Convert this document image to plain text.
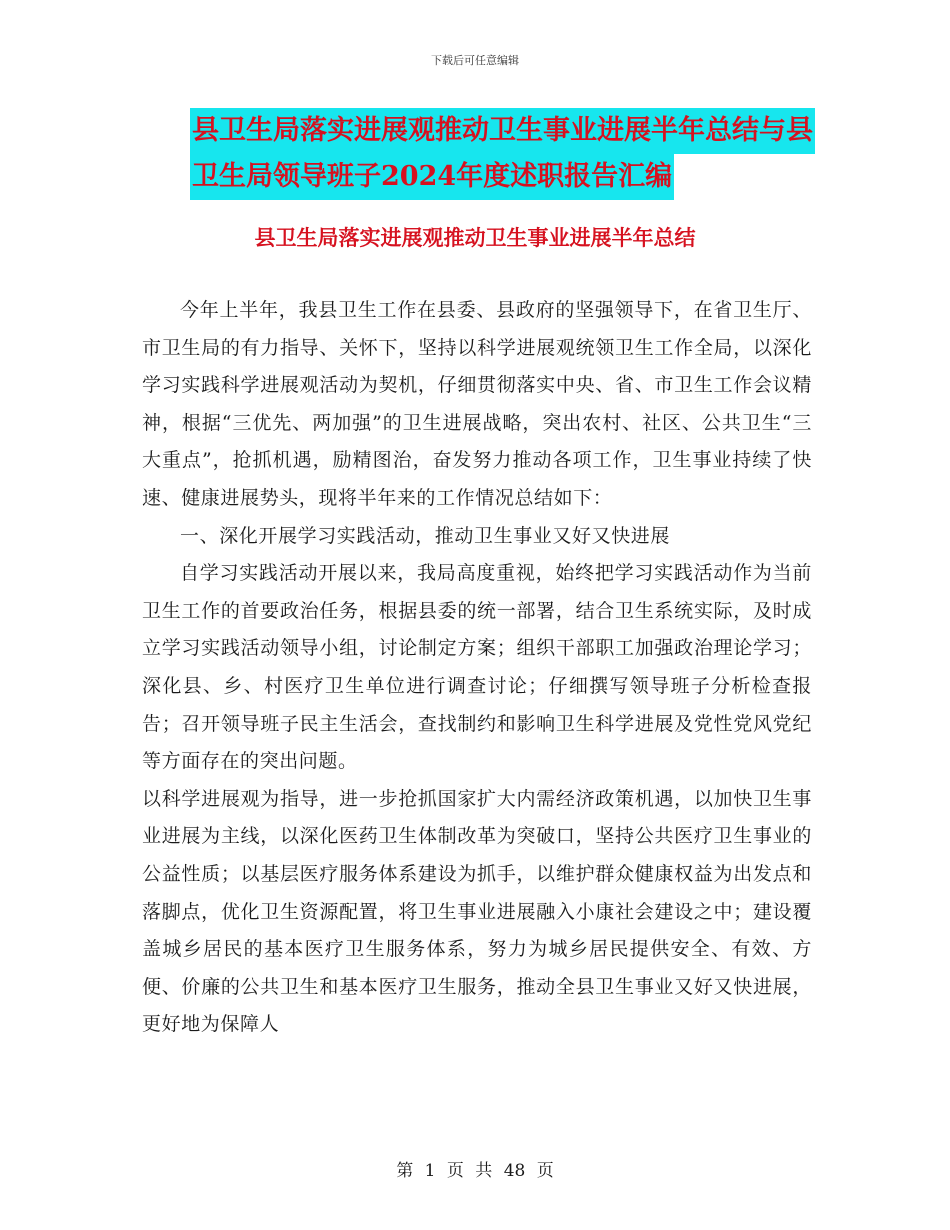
下载后可任意编辑
县卫生局落实进展观推动卫生事业进展半年总结与县
卫生局领导班子2024年度述职报告汇编
县卫生局落实进展观推动卫生事业进展半年总结

今年上半年，我县卫生工作在县委、县政府的坚强领导下，在省卫生厅、市卫生局的有力指导、关怀下，坚持以科学进展观统领卫生工作全局，以深化学习实践科学进展观活动为契机，仔细贯彻落实中央、省、市卫生工作会议精神，根据“三优先、两加强”的卫生进展战略，突出农村、社区、公共卫生“三大重点”，抢抓机遇，励精图治，奋发努力推动各项工作，卫生事业持续了快速、健康进展势头，现将半年来的工作情况总结如下：

一、深化开展学习实践活动，推动卫生事业又好又快进展

自学习实践活动开展以来，我局高度重视，始终把学习实践活动作为当前卫生工作的首要政治任务，根据县委的统一部署，结合卫生系统实际，及时成立学习实践活动领导小组，讨论制定方案；组织干部职工加强政治理论学习；深化县、乡、村医疗卫生单位进行调查讨论；仔细撰写领导班子分析检查报告；召开领导班子民主生活会，查找制约和影响卫生科学进展及党性党风党纪等方面存在的突出问题。

以科学进展观为指导，进一步抢抓国家扩大内需经济政策机遇，以加快卫生事业进展为主线，以深化医药卫生体制改革为突破口，坚持公共医疗卫生事业的公益性质；以基层医疗服务体系建设为抓手，以维护群众健康权益为出发点和落脚点，优化卫生资源配置，将卫生事业进展融入小康社会建设之中；建设覆盖城乡居民的基本医疗卫生服务体系，努力为城乡居民提供安全、有效、方便、价廉的公共卫生和基本医疗卫生服务，推动全县卫生事业又好又快进展，更好地为保障人

第 1 页 共 48 页
